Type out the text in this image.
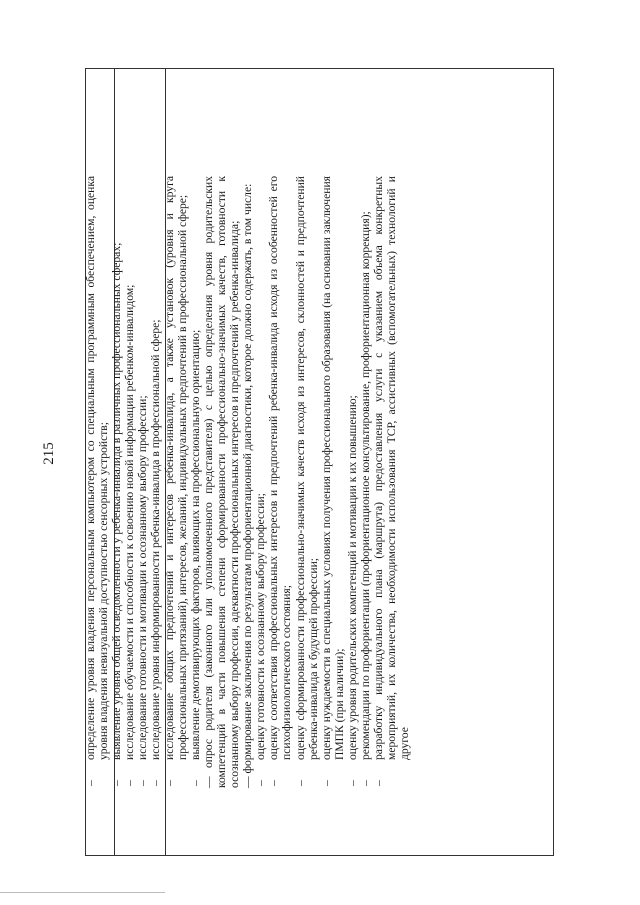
215
–
определение уровня владения персональным компьютером со специальным программным обеспечением, оценка уровня владения невизуальной доступностью сенсорных устройств;
–
выявление уровня общей осведомленности у ребенка-инвалида в различных профессиональных сферах;
–
исследование обучаемости и способности к освоению новой информации ребенком-инвалидом;
–
исследование готовности и мотивации к осознанному выбору профессии;
–
исследование уровня информированности ребенка-инвалида в профессиональной сфере;
–
исследование общих предпочтений и интересов ребенка-инвалида, а также установок (уровня и круга профессиональных притязаний), интересов, желаний, индивидуальных предпочтений в профессиональной сфере;
–
выявление демотивирующих факторов, влияющих на профессиональную ориентацию; — опрос родителя (законного или уполномоченного представителя) с целью определения уровня родительских компетенций в части повышения степени сформированности профессионально-значимых качеств, готовности к осознанному выбору профессии, адекватности профессиональных интересов и предпочтений у ребенка-инвалида; — формирование заключения по результатам профориентационной диагностики, которое должно содержать, в том числе: –
оценку готовности к осознанному выбору профессии;
–
оценку соответствия профессиональных интересов и предпочтений ребенка-инвалида исходя из особенностей его психофизиологического состояния;
–
оценку сформированности профессионально-значимых качеств исходя из интересов, склонностей и предпочтений ребенка-инвалида к будущей профессии;
–
оценку нуждаемости в специальных условиях получения профессионального образования (на основании заключения ПМПК (при наличии);
–
оценку уровня родительских компетенций и мотивации к их повышению;
–
рекомендации по профориентации (профориентационное консультирование, профориентационная коррекция);
–
разработку индивидуального плана (маршрута) предоставления услуги с указанием объема конкретных мероприятий, их количества, необходимости использования ТСР, ассистивных (вспомогательных) технологий и другое
